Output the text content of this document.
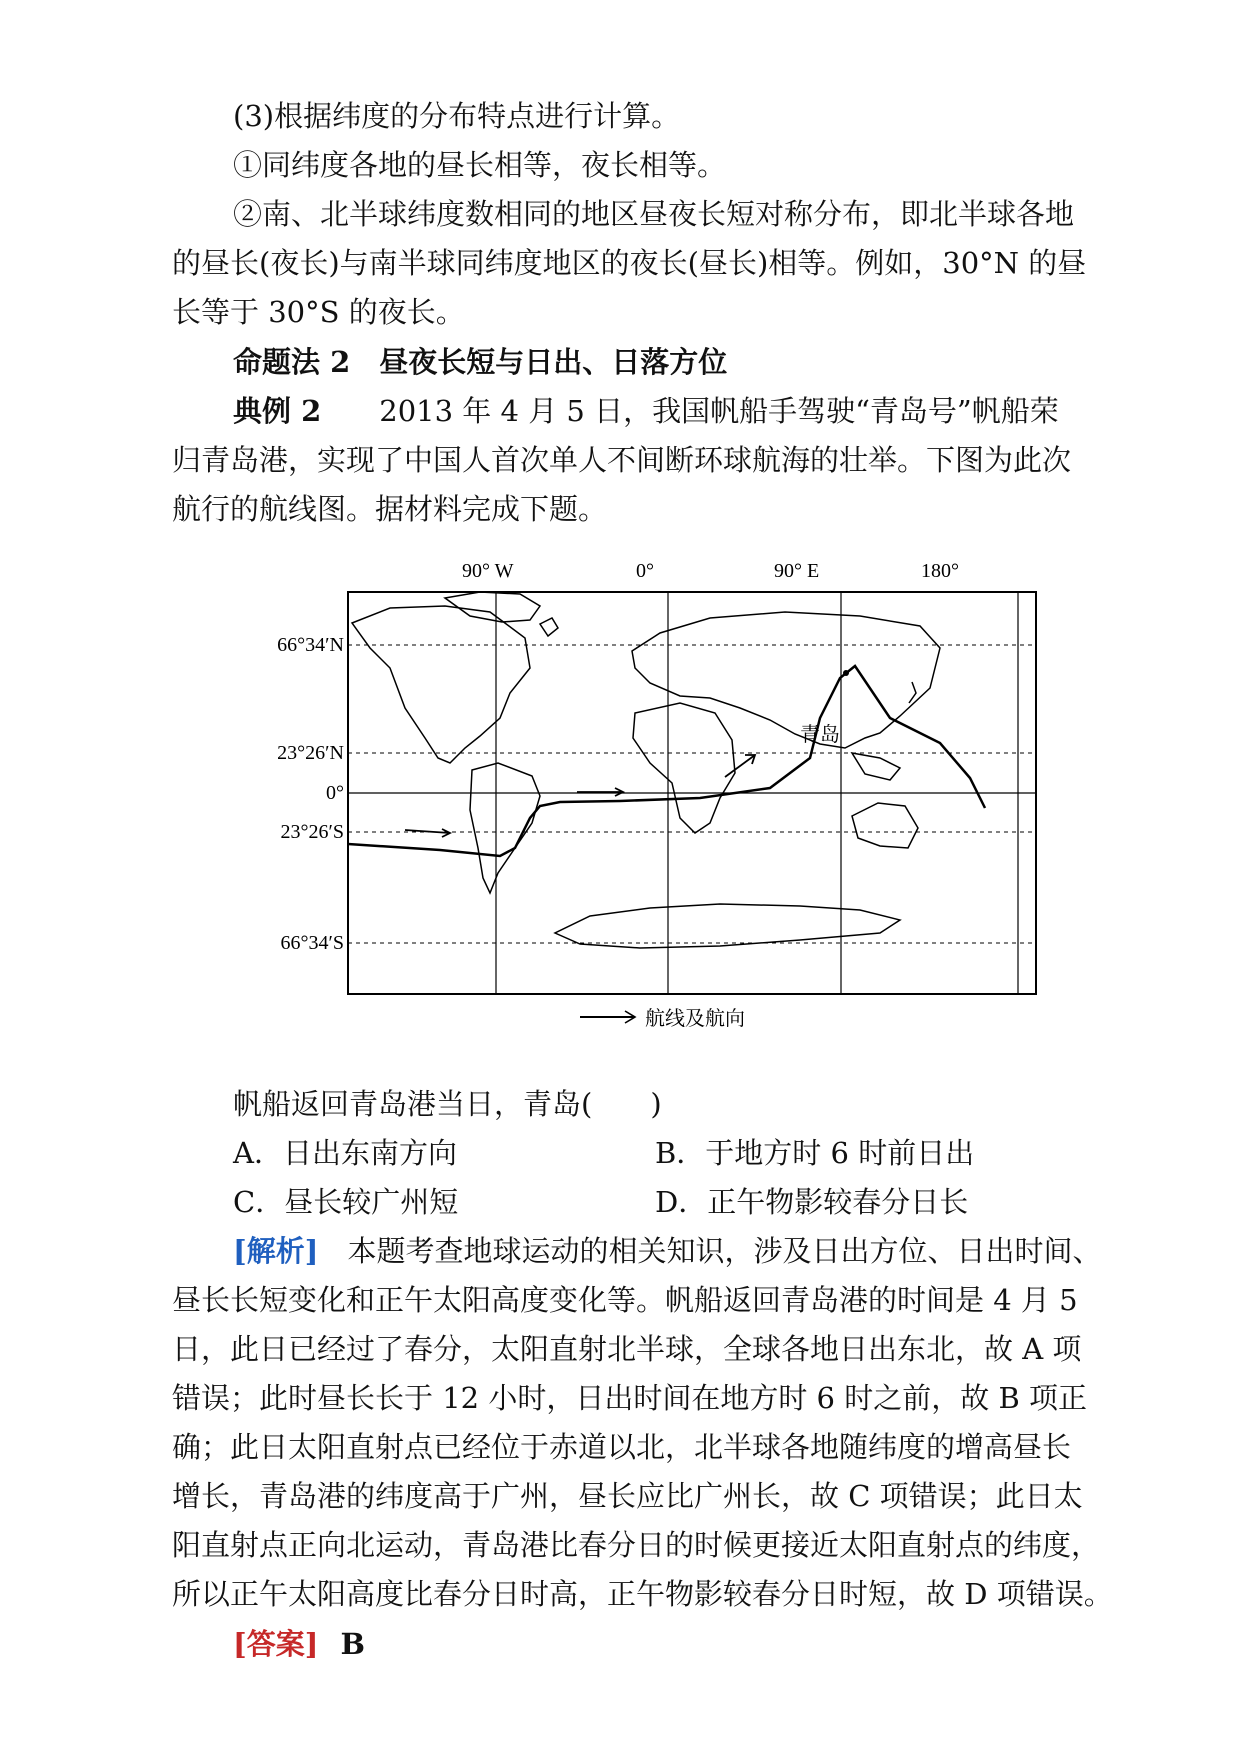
(3)根据纬度的分布特点进行计算。
①同纬度各地的昼长相等，夜长相等。
②南、北半球纬度数相同的地区昼夜长短对称分布，即北半球各地
的昼长(夜长)与南半球同纬度地区的夜长(昼长)相等。例如，30°N 的昼
长等于 30°S 的夜长。
命题法 2　昼夜长短与日出、日落方位
典例 2　　2013 年 4 月 5 日，我国帆船手驾驶“青岛号”帆船荣
归青岛港，实现了中国人首次单人不间断环球航海的壮举。下图为此次
航行的航线图。据材料完成下题。
90° W	0°	90° E	180°
66°34′N
23°26′N
0°
23°26′S
66°34′S
青岛
航线及航向
帆船返回青岛港当日，青岛(　　)
A．日出东南方向	B．于地方时 6 时前日出
C．昼长较广州短	D．正午物影较春分日长
[解析]　本题考查地球运动的相关知识，涉及日出方位、日出时间、
昼长长短变化和正午太阳高度变化等。帆船返回青岛港的时间是 4 月 5
日，此日已经过了春分，太阳直射北半球，全球各地日出东北，故 A 项
错误；此时昼长长于 12 小时，日出时间在地方时 6 时之前，故 B 项正
确；此日太阳直射点已经位于赤道以北，北半球各地随纬度的增高昼长
增长，青岛港的纬度高于广州，昼长应比广州长，故 C 项错误；此日太
阳直射点正向北运动，青岛港比春分日的时候更接近太阳直射点的纬度，
所以正午太阳高度比春分日时高，正午物影较春分日时短，故 D 项错误。
[答案] B
